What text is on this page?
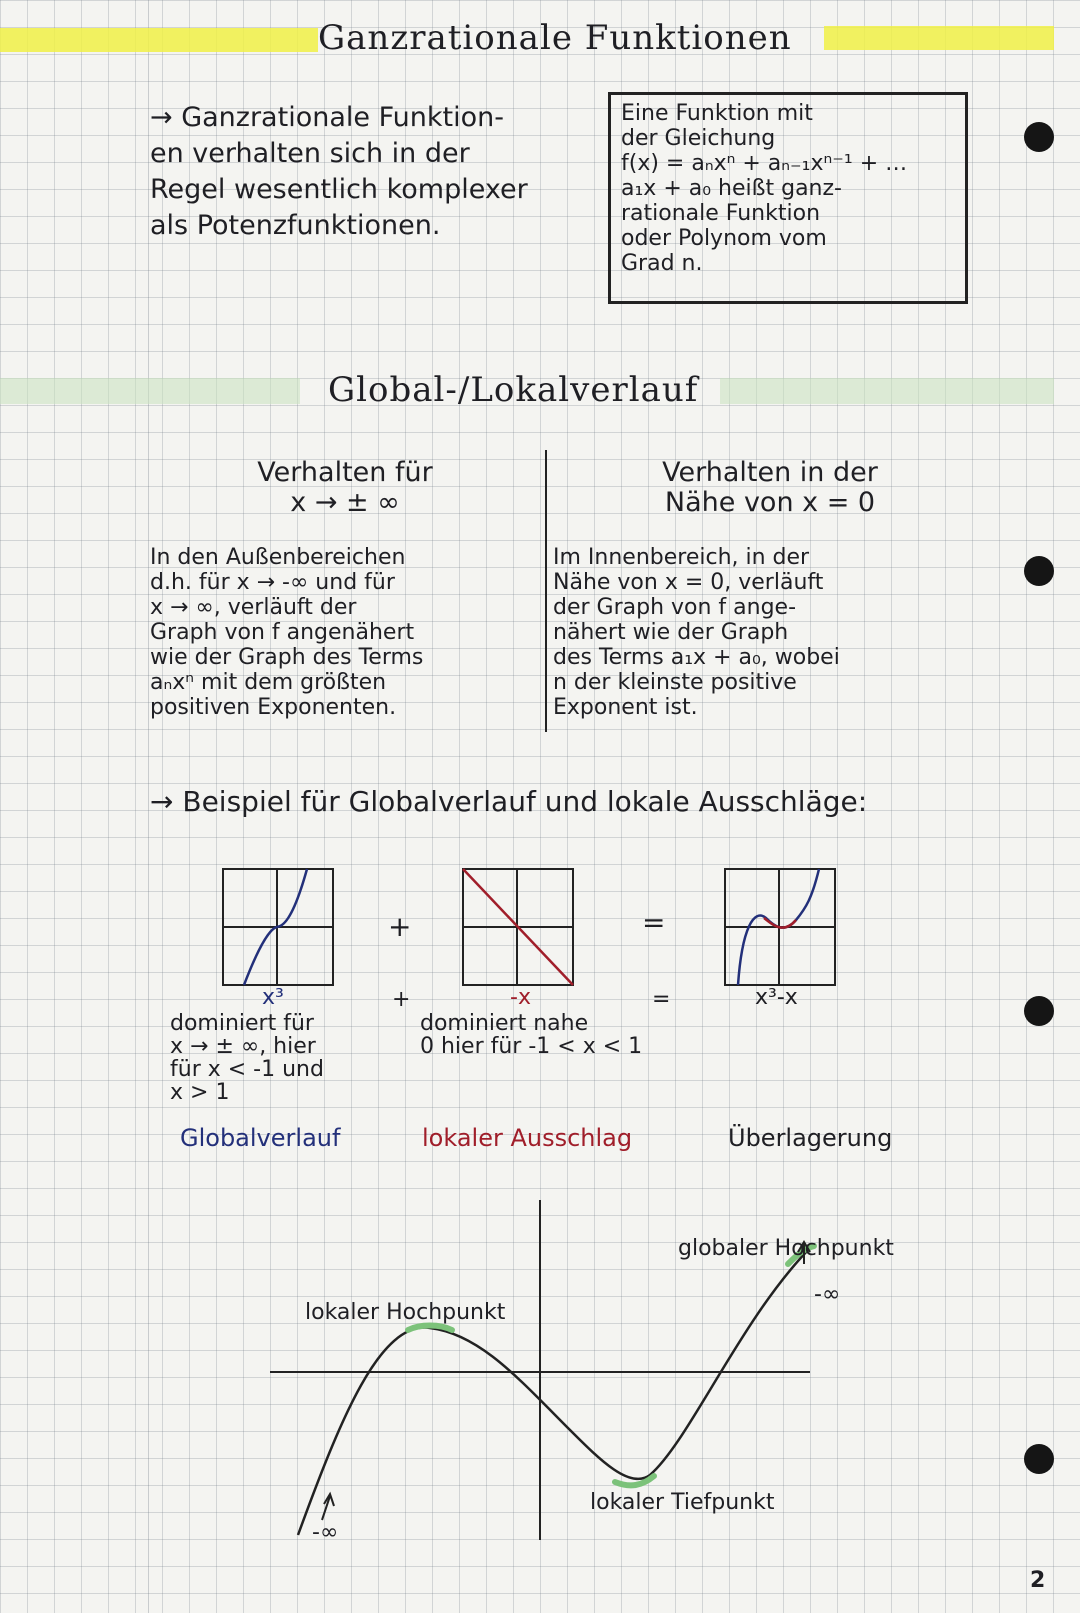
Ganzrationale Funktionen

→ Ganzrationale Funktion-

en verhalten sich in der

Regel wesentlich komplexer

als Potenzfunktionen.

Eine Funktion mit

der Gleichung

f(x) = aₙxⁿ + aₙ₋₁xⁿ⁻¹ + …

a₁x + a₀ heißt ganz-

rationale Funktion

oder Polynom vom

Grad n.

Global-/Lokalverlauf
Verhalten für
x → ± ∞
Verhalten in der
Nähe von x = 0

In den Außenbereichen

d.h. für x → -∞ und für

x → ∞, verläuft der

Graph von f angenähert

wie der Graph des Terms

aₙxⁿ mit dem größten

positiven Exponenten.

Im Innenbereich, in der

Nähe von x = 0, verläuft

der Graph von f ange-

nähert wie der Graph

des Terms a₁x + a₀, wobei

n der kleinste positive

Exponent ist.

→ Beispiel für Globalverlauf und lokale Ausschläge:
+	=
x³	+	-x	=	x³-x
dominiert für
x → ± ∞, hier
für x < -1 und
x > 1
dominiert nahe
0 hier für -1 < x < 1
Globalverlauf	lokaler Ausschlag	Überlagerung
lokaler Hochpunkt
globaler Hochpunkt
lokaler Tiefpunkt
-∞
-∞
2
